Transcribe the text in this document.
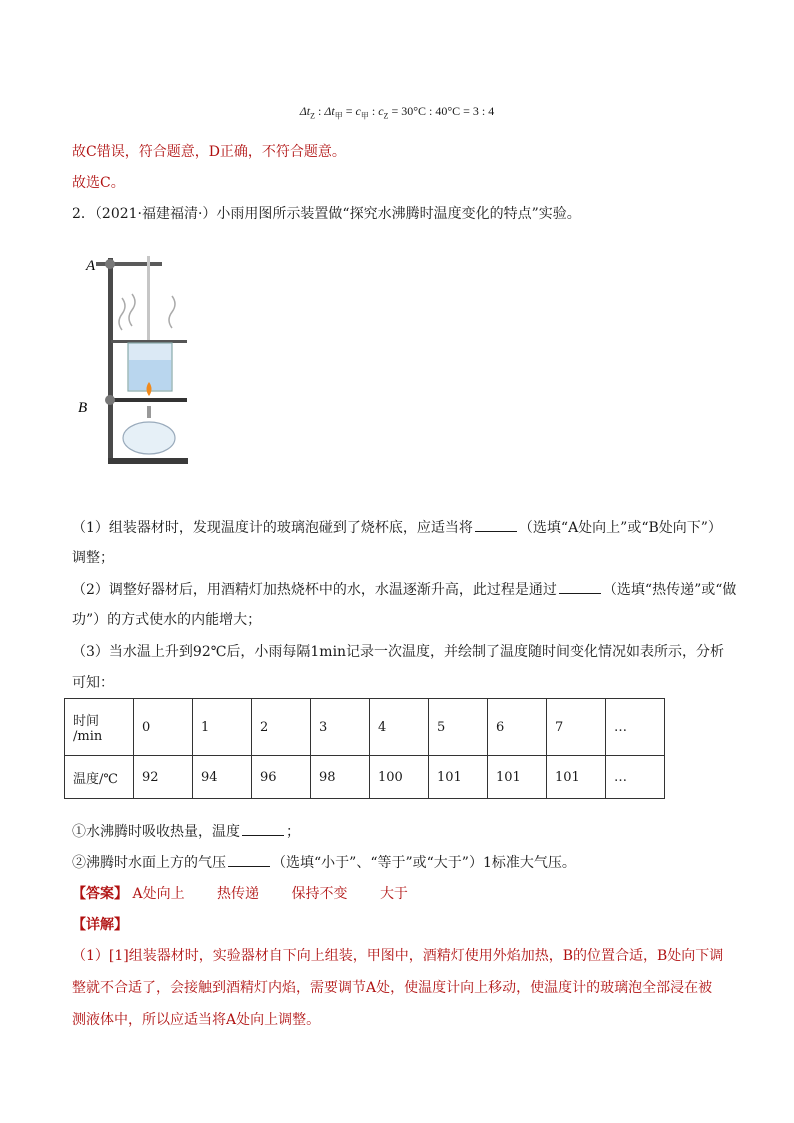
$\Delta t_Z$ : $\Delta t_甲 = c_甲$ : $c_Z = 30^\circ C$ : 40°C = 3 : 4
故C错误，符合题意，D正确，不符合题意。
故选C。
2．（2021·福建福清·）小雨用图所示装置做“探究水沸腾时温度变化的特点”实验。
A
B
（1）组装器材时，发现温度计的玻璃泡碰到了烧杯底，应适当将	（选填“A处向上”或“B处向下”）
调整；
（2）调整好器材后，用酒精灯加热烧杯中的水，水温逐渐升高，此过程是通过	（选填“热传递”或“做
功”）的方式使水的内能增大；
（3）当水温上升到92℃后，小雨每隔1min记录一次温度，并绘制了温度随时间变化情况如表所示，分析
可知：
时间
/min	0	1	2	3	4	5	6	7	…
温度/℃	92	94	96	98	100	101	101	101	…
①水沸腾时吸收热量，温度	；
②沸腾时水面上方的气压	（选填“小于”、“等于”或“大于”）1标准大气压。
【答案】 A处向上 热传递 保持不变 大于
【详解】
（1）[1]组装器材时，实验器材自下向上组装，甲图中，酒精灯使用外焰加热，B的位置合适，B处向下调
整就不合适了，会接触到酒精灯内焰，需要调节A处，使温度计向上移动，使温度计的玻璃泡全部浸在被
测液体中，所以应适当将A处向上调整。
